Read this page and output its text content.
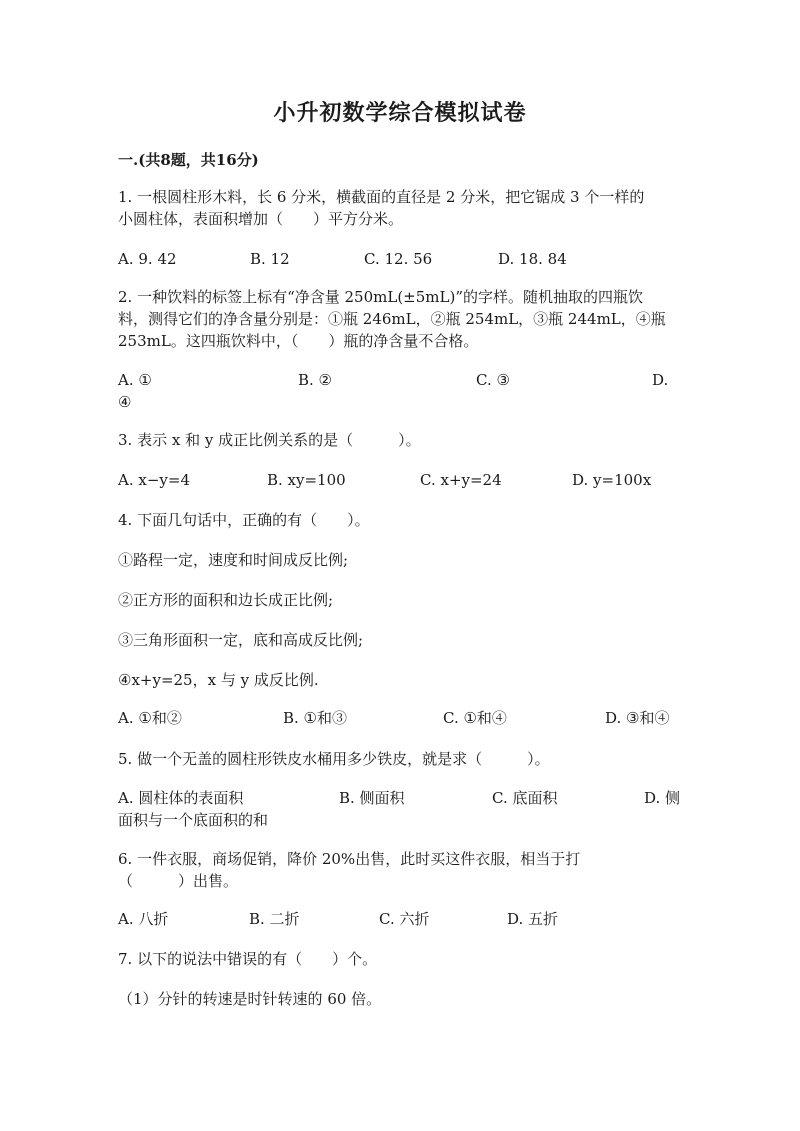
小升初数学综合模拟试卷
一.(共8题，共16分)
1. 一根圆柱形木料，长 6 分米，横截面的直径是 2 分米，把它锯成 3 个一样的
小圆柱体，表面积增加（　　）平方分米。
A. 9. 42	B. 12	C. 12. 56	D. 18. 84
2. 一种饮料的标签上标有“净含量 250mL(±5mL)”的字样。随机抽取的四瓶饮
料，测得它们的净含量分别是：①瓶 246mL，②瓶 254mL，③瓶 244mL，④瓶
253mL。这四瓶饮料中，（　　）瓶的净含量不合格。
A. ①	B. ②	C. ③	D.
④
3. 表示 x 和 y 成正比例关系的是（　　　）。
A. x−y=4	B. xy=100	C. x+y=24	D. y=100x
4. 下面几句话中，正确的有（　　）。
①路程一定，速度和时间成反比例;
②正方形的面积和边长成正比例;
③三角形面积一定，底和高成反比例;
④x+y=25，x 与 y 成反比例.
A. ①和②	B. ①和③	C. ①和④	D. ③和④
5. 做一个无盖的圆柱形铁皮水桶用多少铁皮，就是求（　　　）。
A. 圆柱体的表面积	B. 侧面积	C. 底面积	D. 侧
面积与一个底面积的和
6. 一件衣服，商场促销，降价 20%出售，此时买这件衣服，相当于打
（　　　）出售。
A. 八折	B. 二折	C. 六折	D. 五折
7. 以下的说法中错误的有（　　）个。
（1）分针的转速是时针转速的 60 倍。
